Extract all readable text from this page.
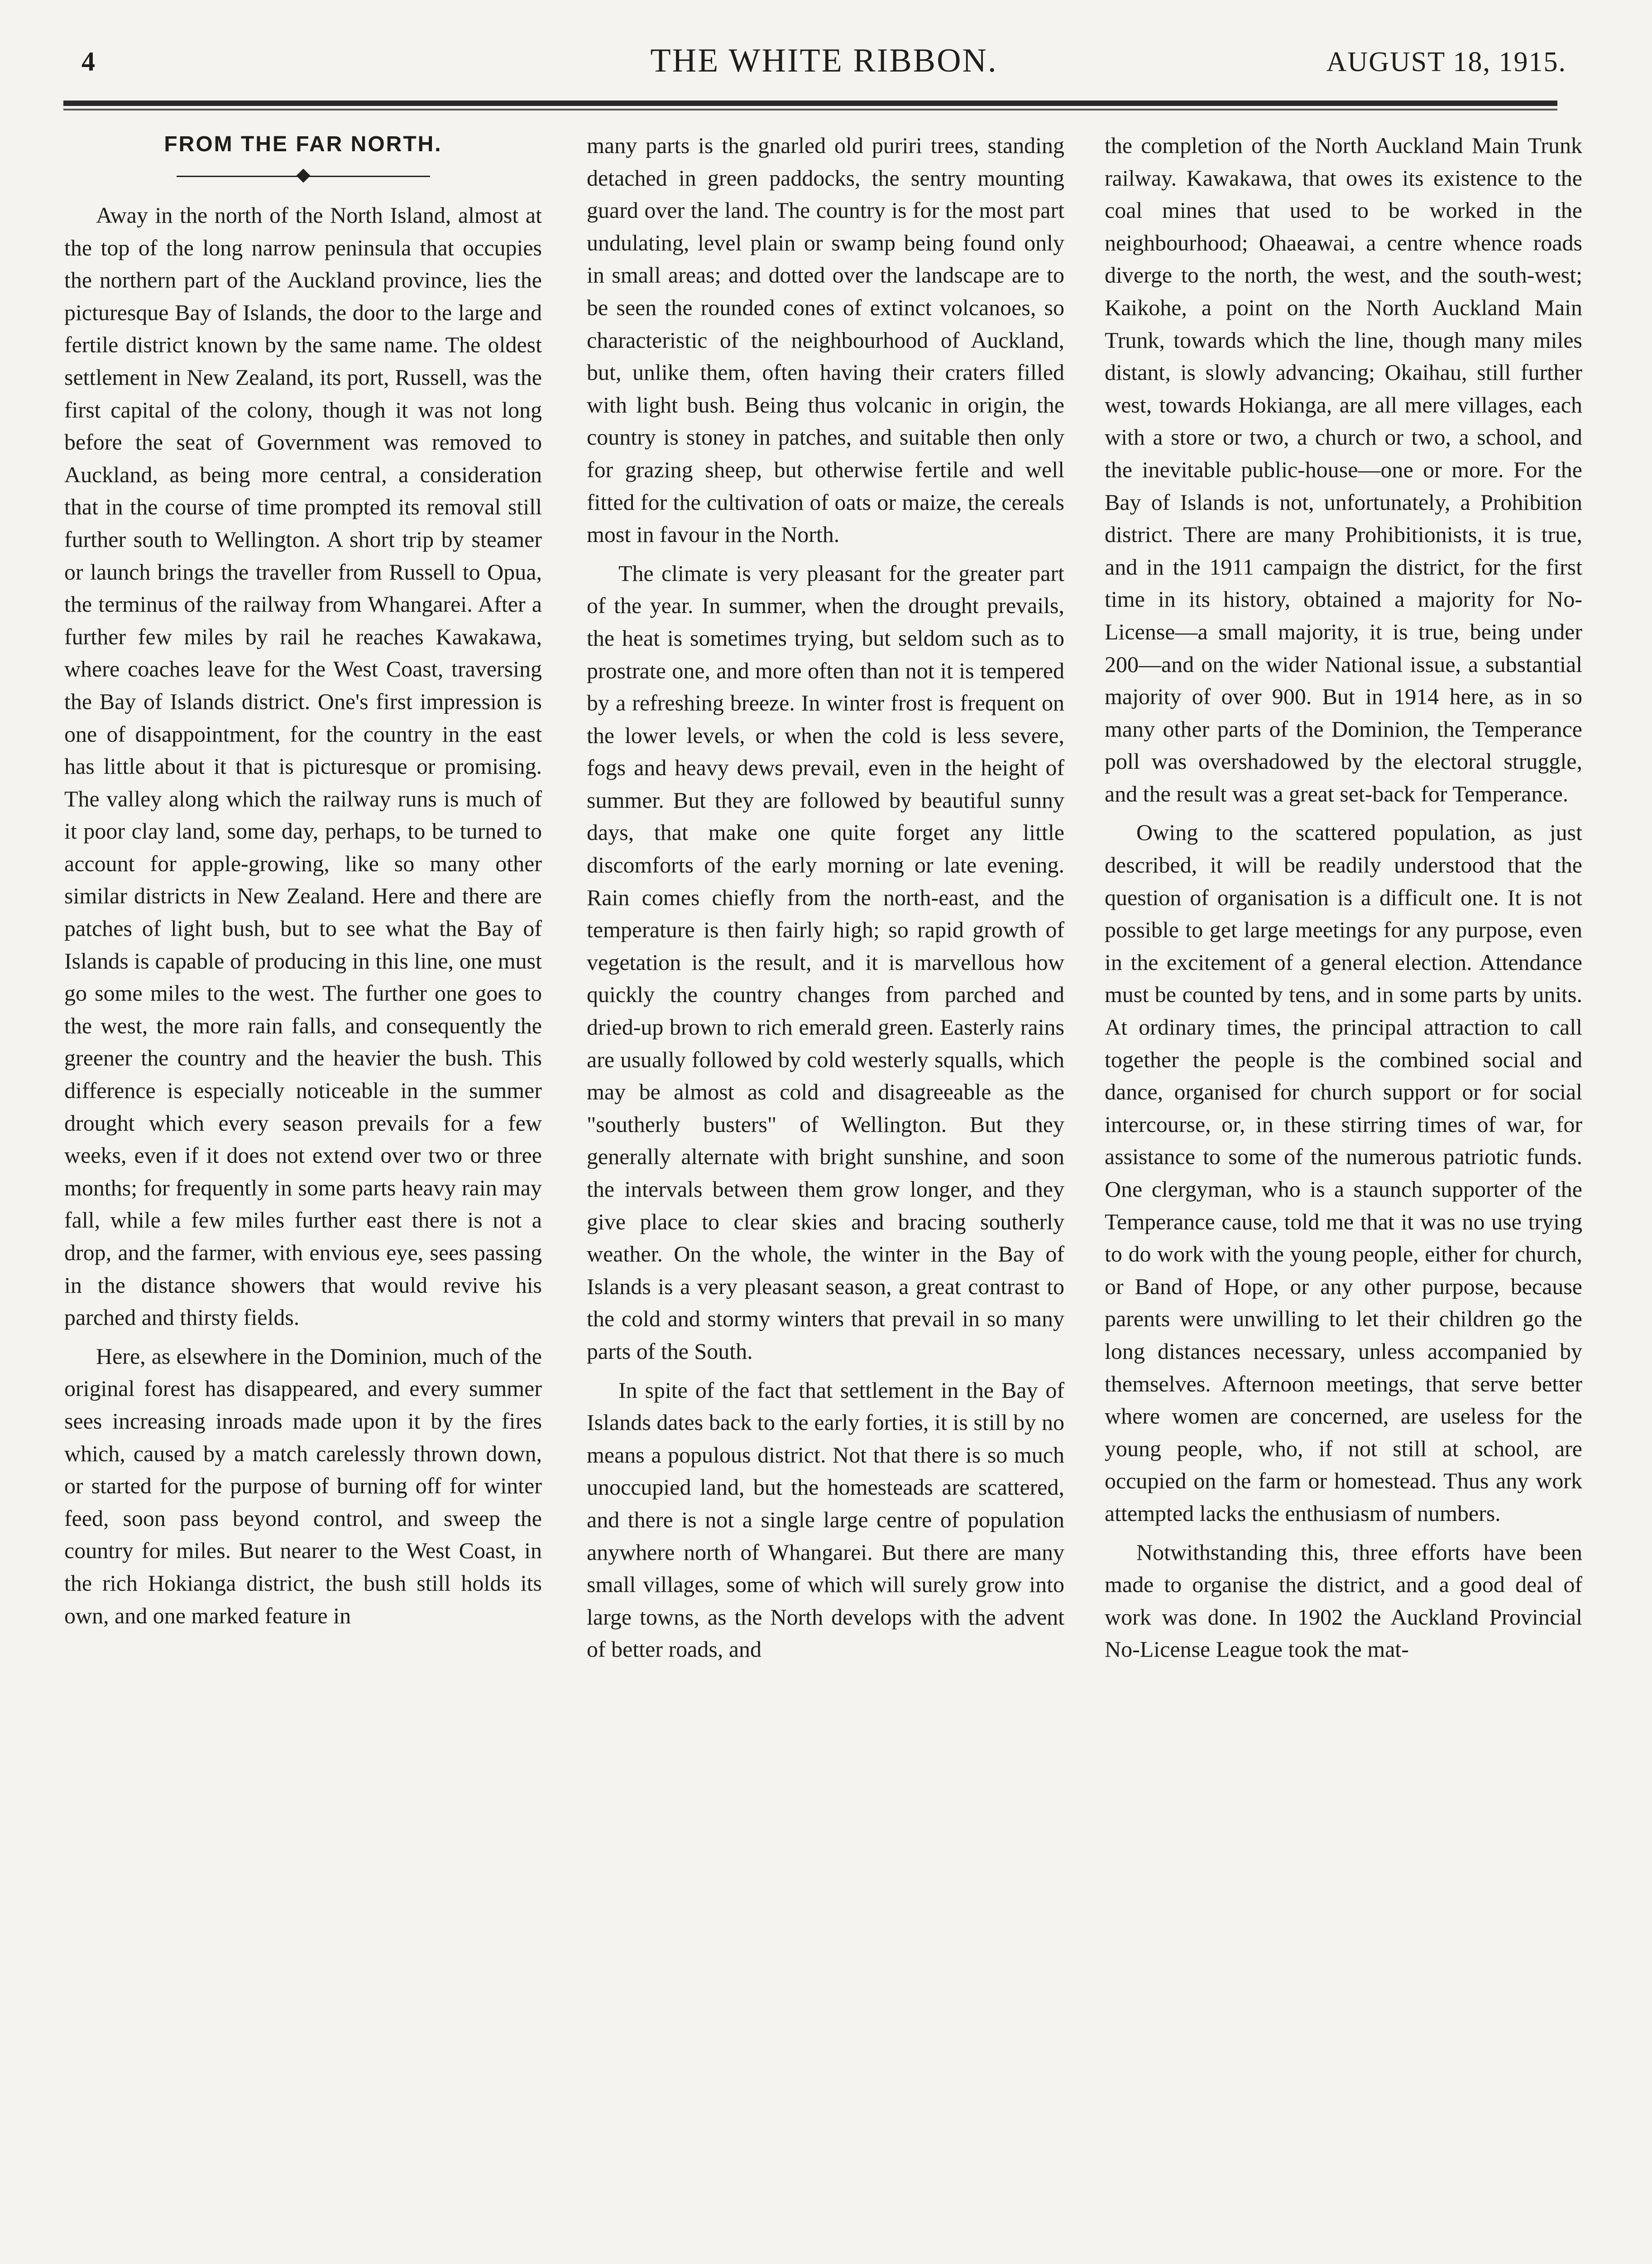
4	THE WHITE RIBBON.	AUGUST 18, 1915.
FROM THE FAR NORTH.

Away in the north of the North Island, almost at the top of the long narrow peninsula that occupies the northern part of the Auckland province, lies the picturesque Bay of Islands, the door to the large and fertile district known by the same name. The oldest settlement in New Zealand, its port, Russell, was the first capital of the colony, though it was not long before the seat of Government was removed to Auckland, as being more central, a consideration that in the course of time prompted its removal still further south to Wellington. A short trip by steamer or launch brings the traveller from Russell to Opua, the terminus of the railway from Whangarei. After a further few miles by rail he reaches Kawakawa, where coaches leave for the West Coast, traversing the Bay of Islands district. One's first impression is one of disappointment, for the country in the east has little about it that is picturesque or promising. The valley along which the railway runs is much of it poor clay land, some day, perhaps, to be turned to account for apple-growing, like so many other similar districts in New Zealand. Here and there are patches of light bush, but to see what the Bay of Islands is capable of producing in this line, one must go some miles to the west. The further one goes to the west, the more rain falls, and consequently the greener the country and the heavier the bush. This difference is especially noticeable in the summer drought which every season prevails for a few weeks, even if it does not extend over two or three months; for frequently in some parts heavy rain may fall, while a few miles further east there is not a drop, and the farmer, with envious eye, sees passing in the distance showers that would revive his parched and thirsty fields.

Here, as elsewhere in the Dominion, much of the original forest has disappeared, and every summer sees increasing inroads made upon it by the fires which, caused by a match carelessly thrown down, or started for the purpose of burning off for winter feed, soon pass beyond control, and sweep the country for miles. But nearer to the West Coast, in the rich Hokianga district, the bush still holds its own, and one marked feature in

many parts is the gnarled old puriri trees, standing detached in green paddocks, the sentry mounting guard over the land. The country is for the most part undulating, level plain or swamp being found only in small areas; and dotted over the landscape are to be seen the rounded cones of extinct volcanoes, so characteristic of the neighbourhood of Auckland, but, unlike them, often having their craters filled with light bush. Being thus volcanic in origin, the country is stoney in patches, and suitable then only for grazing sheep, but otherwise fertile and well fitted for the cultivation of oats or maize, the cereals most in favour in the North.

The climate is very pleasant for the greater part of the year. In summer, when the drought prevails, the heat is sometimes trying, but seldom such as to prostrate one, and more often than not it is tempered by a refreshing breeze. In winter frost is frequent on the lower levels, or when the cold is less severe, fogs and heavy dews prevail, even in the height of summer. But they are followed by beautiful sunny days, that make one quite forget any little discomforts of the early morning or late evening. Rain comes chiefly from the north-east, and the temperature is then fairly high; so rapid growth of vegetation is the result, and it is marvellous how quickly the country changes from parched and dried-up brown to rich emerald green. Easterly rains are usually followed by cold westerly squalls, which may be almost as cold and disagreeable as the "southerly busters" of Wellington. But they generally alternate with bright sunshine, and soon the intervals between them grow longer, and they give place to clear skies and bracing southerly weather. On the whole, the winter in the Bay of Islands is a very pleasant season, a great contrast to the cold and stormy winters that prevail in so many parts of the South.

In spite of the fact that settlement in the Bay of Islands dates back to the early forties, it is still by no means a populous district. Not that there is so much unoccupied land, but the homesteads are scattered, and there is not a single large centre of population anywhere north of Whangarei. But there are many small villages, some of which will surely grow into large towns, as the North develops with the advent of better roads, and

the completion of the North Auckland Main Trunk railway. Kawakawa, that owes its existence to the coal mines that used to be worked in the neighbourhood; Ohaeawai, a centre whence roads diverge to the north, the west, and the south-west; Kaikohe, a point on the North Auckland Main Trunk, towards which the line, though many miles distant, is slowly advancing; Okaihau, still further west, towards Hokianga, are all mere villages, each with a store or two, a church or two, a school, and the inevitable public-house—one or more. For the Bay of Islands is not, unfortunately, a Prohibition district. There are many Prohibitionists, it is true, and in the 1911 campaign the district, for the first time in its history, obtained a majority for No-License—a small majority, it is true, being under 200—and on the wider National issue, a substantial majority of over 900. But in 1914 here, as in so many other parts of the Dominion, the Temperance poll was overshadowed by the electoral struggle, and the result was a great set-back for Temperance.

Owing to the scattered population, as just described, it will be readily understood that the question of organisation is a difficult one. It is not possible to get large meetings for any purpose, even in the excitement of a general election. Attendance must be counted by tens, and in some parts by units. At ordinary times, the principal attraction to call together the people is the combined social and dance, organised for church support or for social intercourse, or, in these stirring times of war, for assistance to some of the numerous patriotic funds. One clergyman, who is a staunch supporter of the Temperance cause, told me that it was no use trying to do work with the young people, either for church, or Band of Hope, or any other purpose, because parents were unwilling to let their children go the long distances necessary, unless accompanied by themselves. Afternoon meetings, that serve better where women are concerned, are useless for the young people, who, if not still at school, are occupied on the farm or homestead. Thus any work attempted lacks the enthusiasm of numbers.

Notwithstanding this, three efforts have been made to organise the district, and a good deal of work was done. In 1902 the Auckland Provincial No-License League took the mat-
